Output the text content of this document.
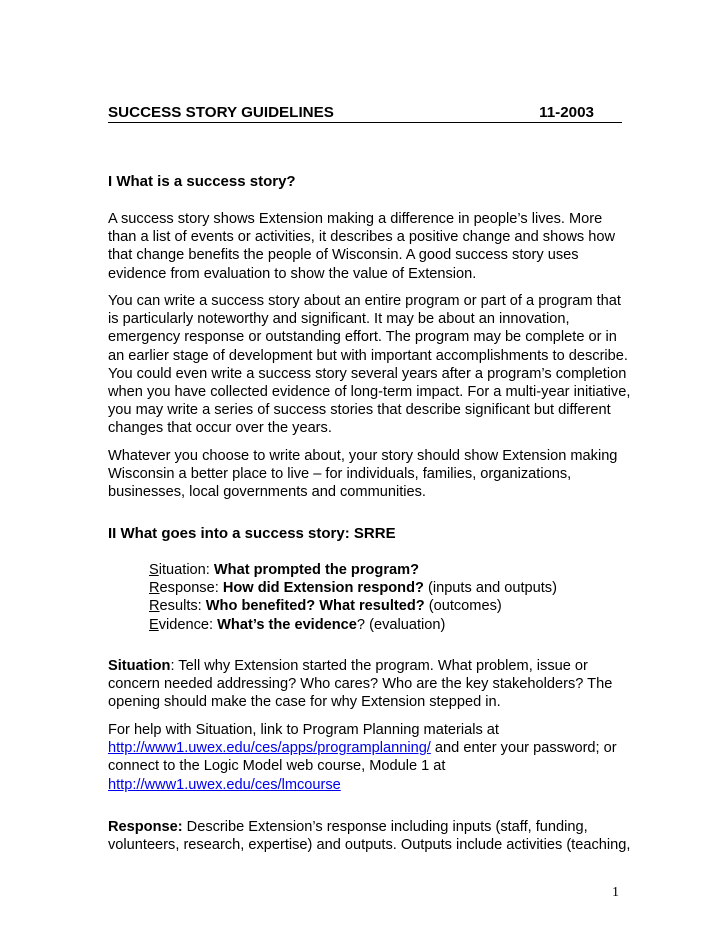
SUCCESS STORY GUIDELINES	11-2003
I What is a success story?
A success story shows Extension making a difference in people’s lives. More
than a list of events or activities, it describes a positive change and shows how
that change benefits the people of Wisconsin. A good success story uses
evidence from evaluation to show the value of Extension.
You can write a success story about an entire program or part of a program that
is particularly noteworthy and significant. It may be about an innovation,
emergency response or outstanding effort. The program may be complete or in
an earlier stage of development but with important accomplishments to describe.
You could even write a success story several years after a program’s completion
when you have collected evidence of long-term impact. For a multi-year initiative,
you may write a series of success stories that describe significant but different
changes that occur over the years.
Whatever you choose to write about, your story should show Extension making
Wisconsin a better place to live – for individuals, families, organizations,
businesses, local governments and communities.
II What goes into a success story: SRRE
Situation: What prompted the program?
Response: How did Extension respond? (inputs and outputs)
Results: Who benefited? What resulted? (outcomes)
Evidence: What’s the evidence? (evaluation)
Situation: Tell why Extension started the program. What problem, issue or
concern needed addressing? Who cares? Who are the key stakeholders? The
opening should make the case for why Extension stepped in.
For help with Situation, link to Program Planning materials at
http://www1.uwex.edu/ces/apps/programplanning/ and enter your password; or
connect to the Logic Model web course, Module 1 at
http://www1.uwex.edu/ces/lmcourse
Response: Describe Extension’s response including inputs (staff, funding,
volunteers, research, expertise) and outputs. Outputs include activities (teaching,
1
